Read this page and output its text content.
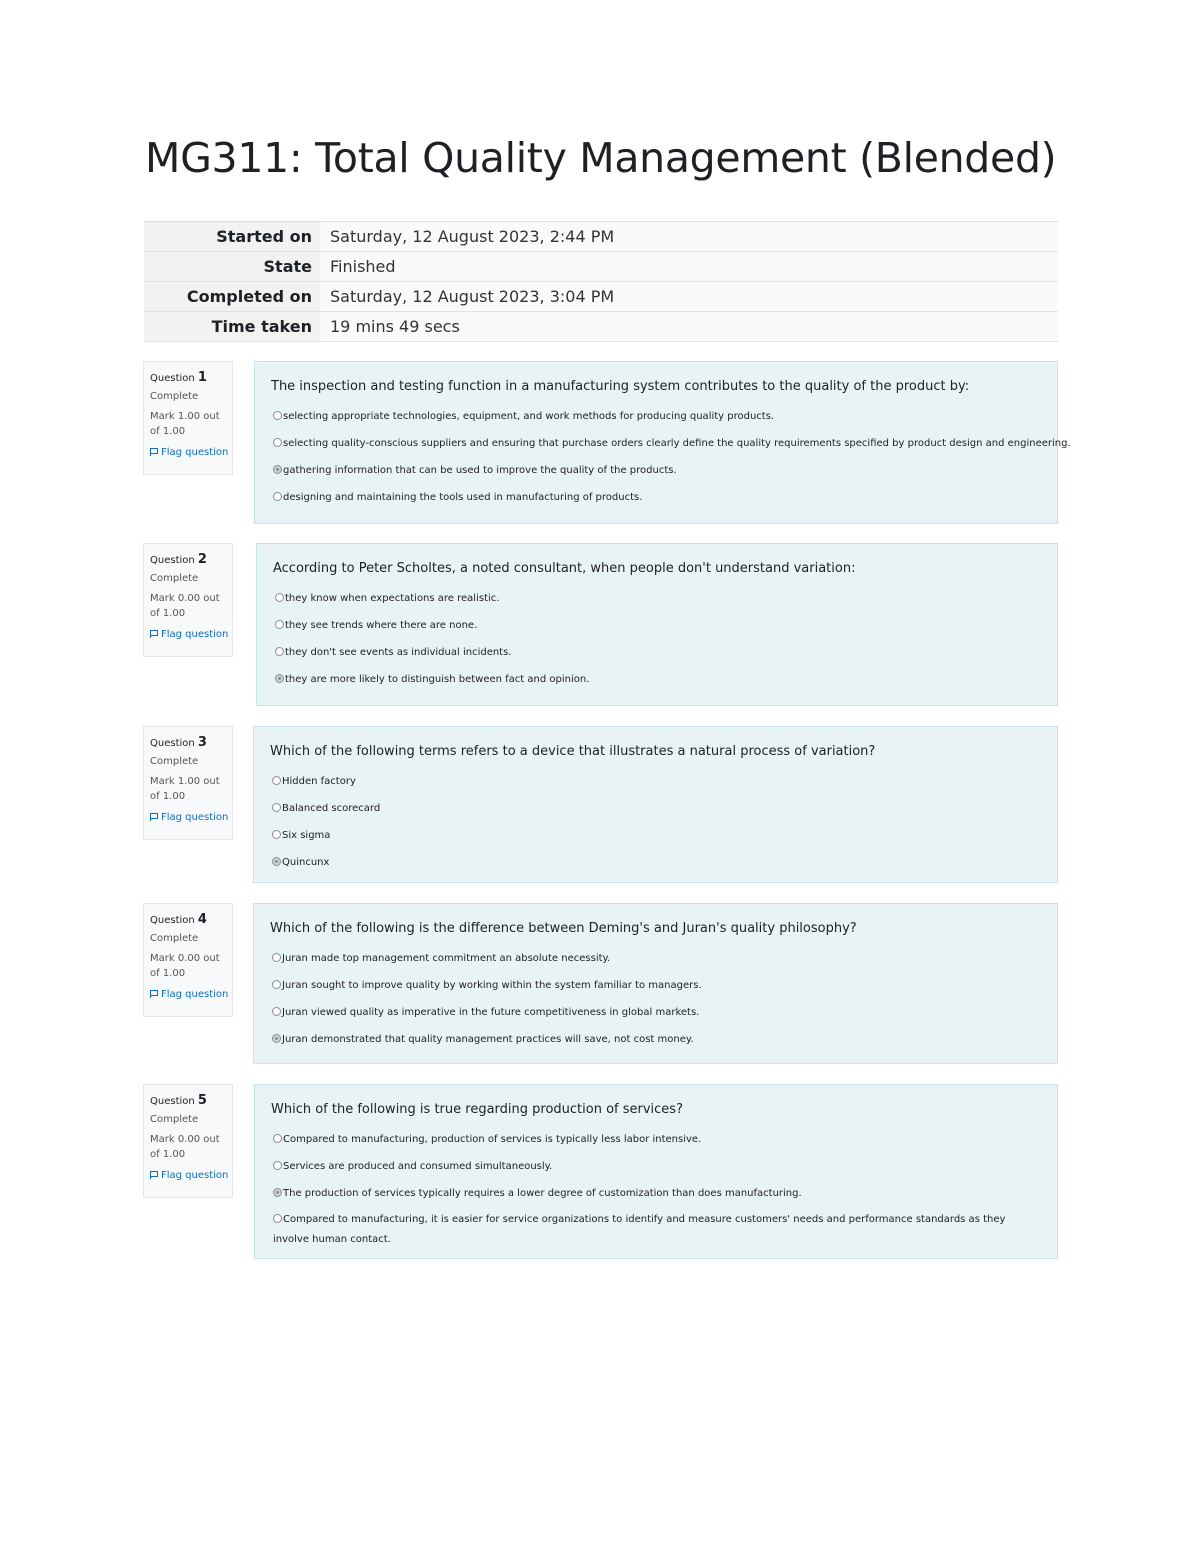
MG311: Total Quality Management (Blended)
Started on	Saturday, 12 August 2023, 2:44 PM
State	Finished
Completed on	Saturday, 12 August 2023, 3:04 PM
Time taken	19 mins 49 secs
Question 1
Complete
Mark 1.00 out of 1.00
Flag question
The inspection and testing function in a manufacturing system contributes to the quality of the product by:
selecting appropriate technologies, equipment, and work methods for producing quality products.
selecting quality-conscious suppliers and ensuring that purchase orders clearly define the quality requirements specified by product design and engineering.
gathering information that can be used to improve the quality of the products.
designing and maintaining the tools used in manufacturing of products.
Question 2
Complete
Mark 0.00 out of 1.00
Flag question
According to Peter Scholtes, a noted consultant, when people don't understand variation:
they know when expectations are realistic.
they see trends where there are none.
they don't see events as individual incidents.
they are more likely to distinguish between fact and opinion.
Question 3
Complete
Mark 1.00 out of 1.00
Flag question
Which of the following terms refers to a device that illustrates a natural process of variation?
Hidden factory
Balanced scorecard
Six sigma
Quincunx
Question 4
Complete
Mark 0.00 out of 1.00
Flag question
Which of the following is the difference between Deming's and Juran's quality philosophy?
Juran made top management commitment an absolute necessity.
Juran sought to improve quality by working within the system familiar to managers.
Juran viewed quality as imperative in the future competitiveness in global markets.
Juran demonstrated that quality management practices will save, not cost money.
Question 5
Complete
Mark 0.00 out of 1.00
Flag question
Which of the following is true regarding production of services?
Compared to manufacturing, production of services is typically less labor intensive.
Services are produced and consumed simultaneously.
The production of services typically requires a lower degree of customization than does manufacturing.
Compared to manufacturing, it is easier for service organizations to identify and measure customers' needs and performance standards as they involve human contact.
